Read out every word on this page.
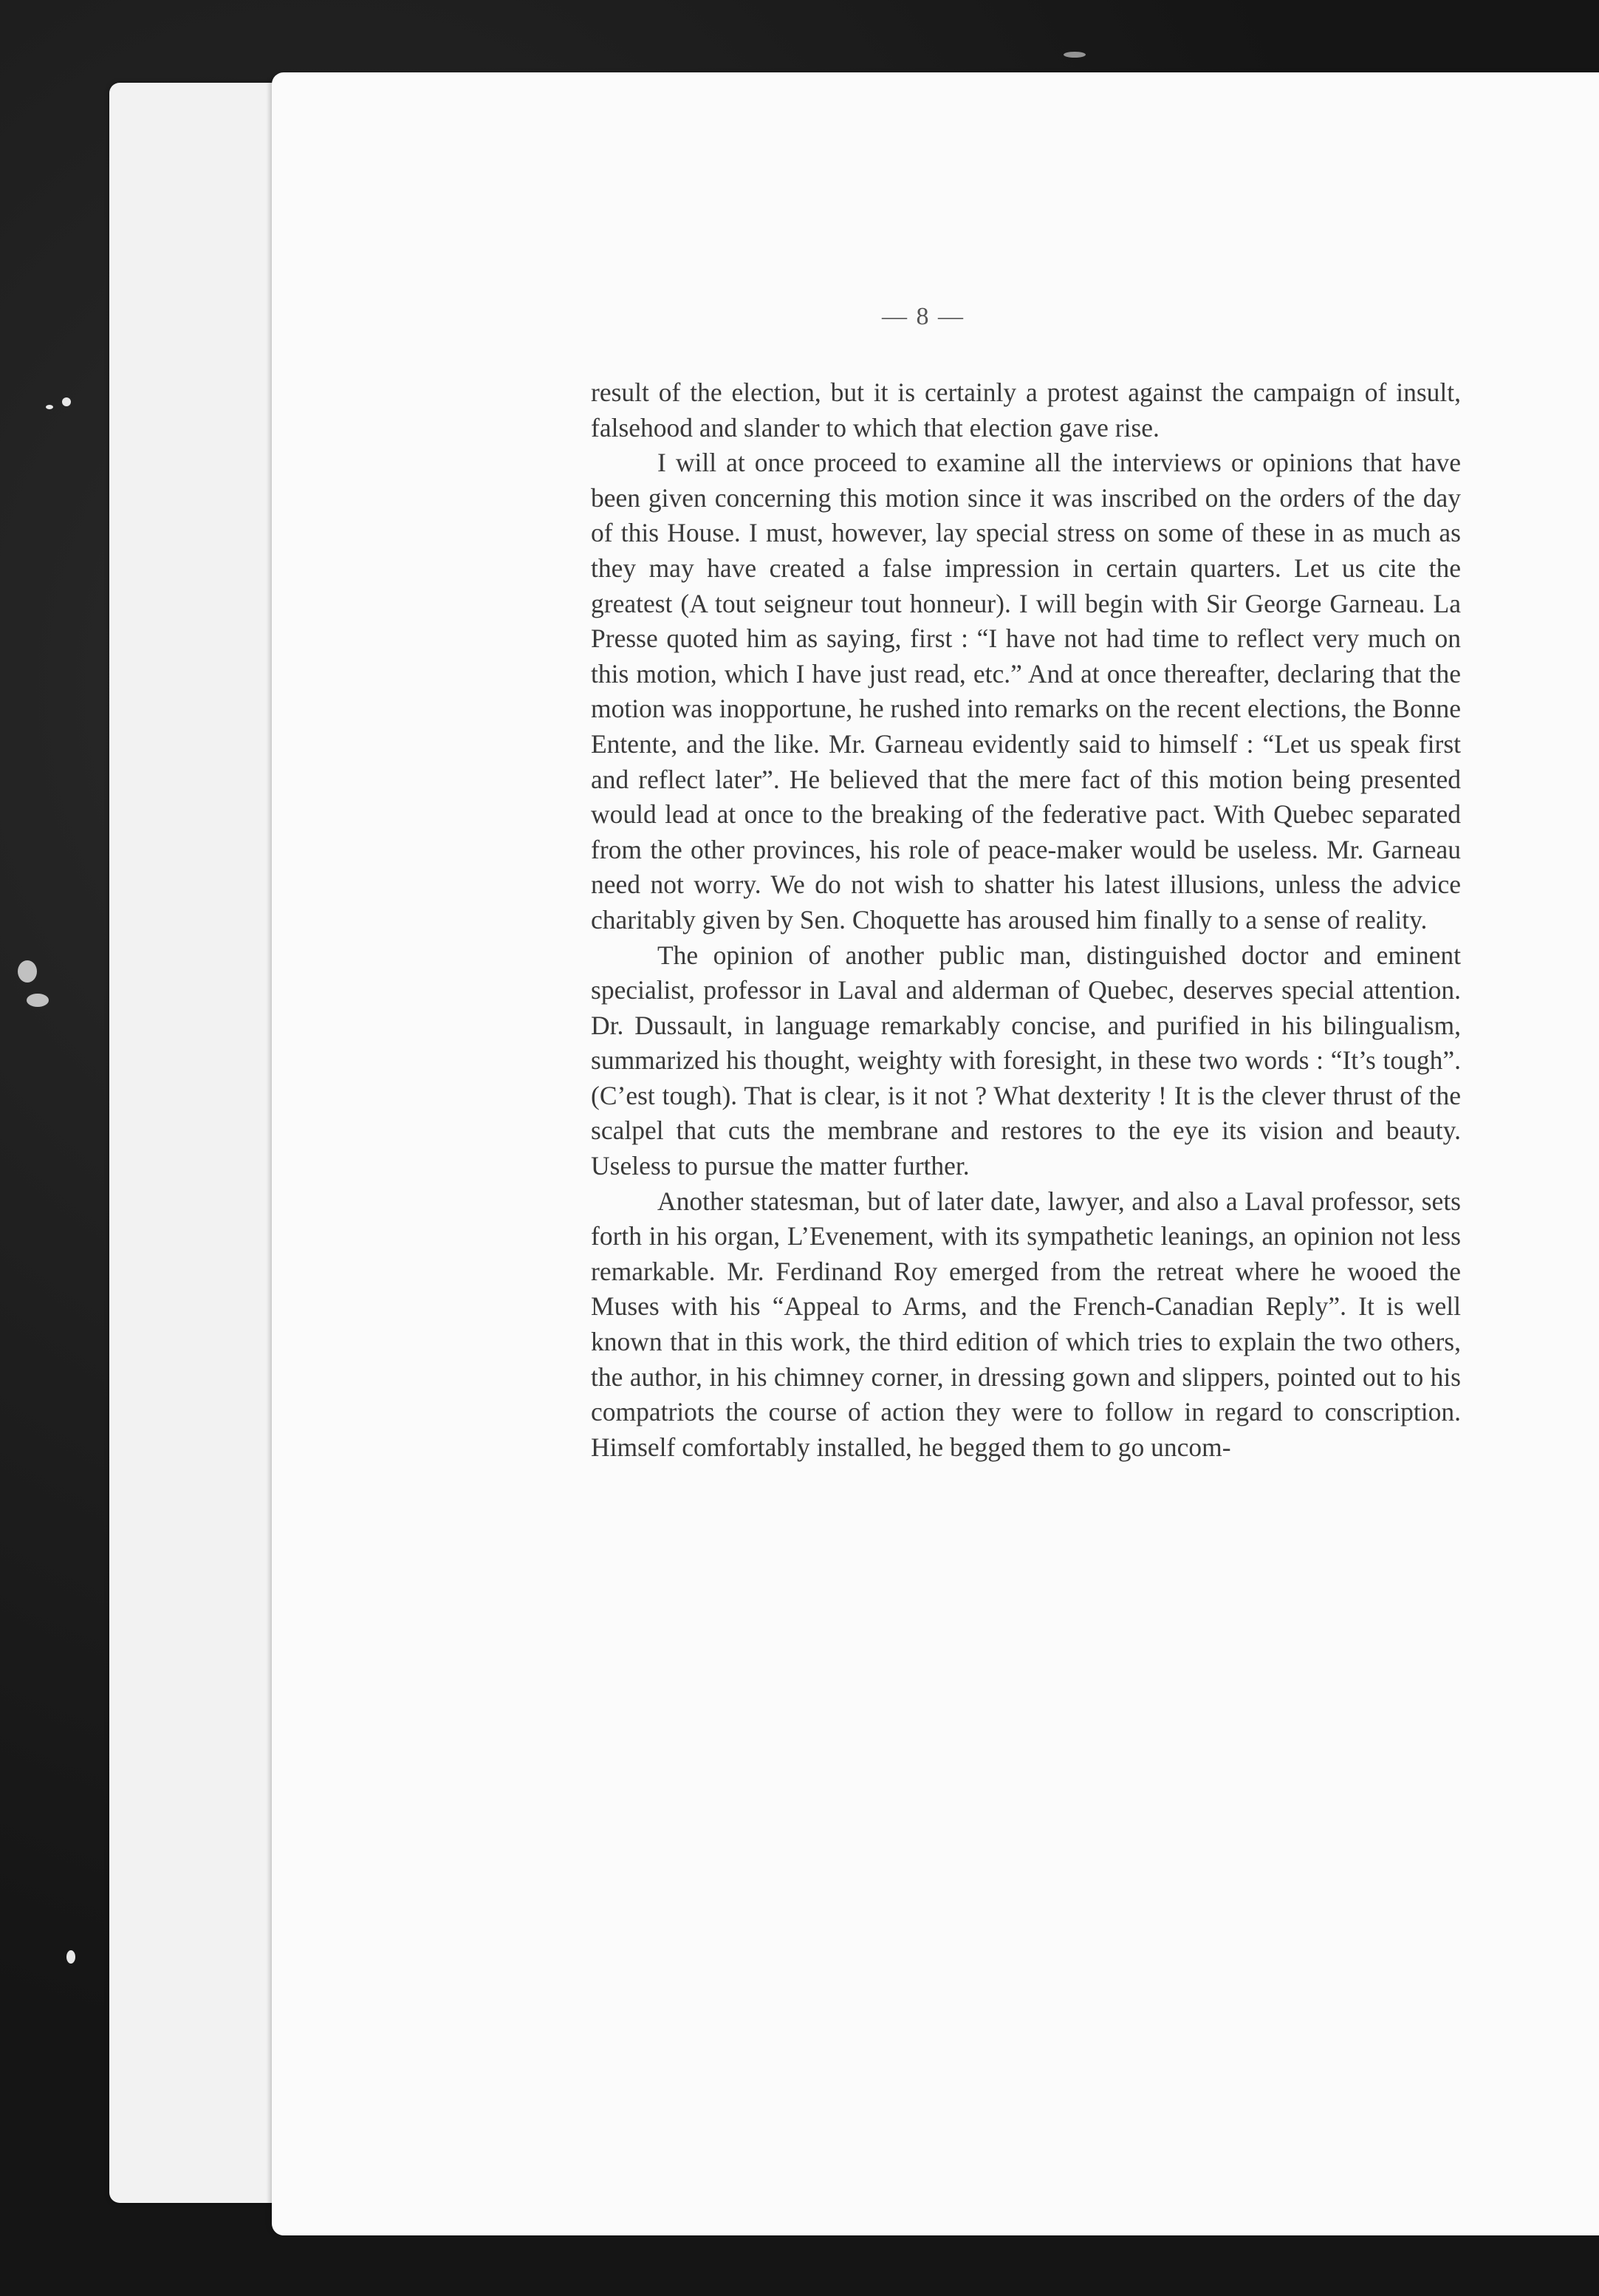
— 8 —

result of the election, but it is certainly a protest against the campaign of insult, falsehood and slander to which that election gave rise.

I will at once proceed to examine all the interviews or opinions that have been given concerning this motion since it was inscribed on the orders of the day of this House. I must, however, lay special stress on some of these in as much as they may have created a false impression in certain quarters. Let us cite the greatest (A tout seigneur tout honneur). I will begin with Sir George Garneau. La Presse quoted him as saying, first : “I have not had time to reflect very much on this motion, which I have just read, etc.” And at once thereafter, declaring that the motion was inopportune, he rushed into remarks on the recent elections, the Bonne Entente, and the like. Mr. Garneau evidently said to himself : “Let us speak first and reflect later”. He believed that the mere fact of this motion being presented would lead at once to the breaking of the federative pact. With Quebec separated from the other provinces, his role of peace-maker would be useless. Mr. Garneau need not worry. We do not wish to shatter his latest illusions, unless the advice charitably given by Sen. Choquette has aroused him finally to a sense of reality.

The opinion of another public man, distinguished doctor and eminent specialist, professor in Laval and alderman of Quebec, deserves special attention. Dr. Dussault, in language remarkably concise, and purified in his bilingualism, summarized his thought, weighty with foresight, in these two words : “It’s tough”. (C’est tough). That is clear, is it not ? What dexterity ! It is the clever thrust of the scalpel that cuts the membrane and restores to the eye its vision and beauty. Useless to pursue the matter further.

Another statesman, but of later date, lawyer, and also a Laval professor, sets forth in his organ, L’Evenement, with its sympathetic leanings, an opinion not less remarkable. Mr. Ferdinand Roy emerged from the retreat where he wooed the Muses with his “Appeal to Arms, and the French-Canadian Reply”. It is well known that in this work, the third edition of which tries to explain the two others, the author, in his chimney corner, in dressing gown and slippers, pointed out to his compatriots the course of action they were to follow in regard to conscription. Himself comfortably installed, he begged them to go uncom-
